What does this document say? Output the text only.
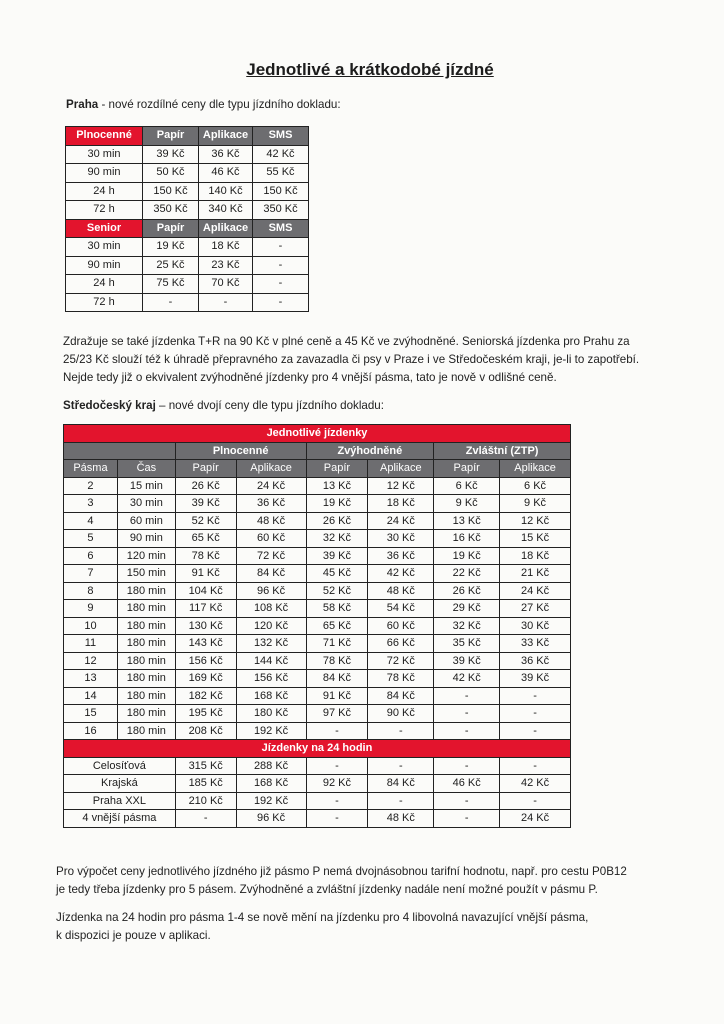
Jednotlivé a krátkodobé jízdné
Praha - nové rozdílné ceny dle typu jízdního dokladu:
Plnocenné	Papír	Aplikace	SMS
30 min	39 Kč	36 Kč	42 Kč
90 min	50 Kč	46 Kč	55 Kč
24 h	150 Kč	140 Kč	150 Kč
72 h	350 Kč	340 Kč	350 Kč
Senior	Papír	Aplikace	SMS
30 min	19 Kč	18 Kč	-
90 min	25 Kč	23 Kč	-
24 h	75 Kč	70 Kč	-
72 h	-	-	-
Zdražuje se také jízdenka T+R na 90 Kč v plné ceně a 45 Kč ve zvýhodněné. Seniorská jízdenka pro Prahu za
25/23 Kč slouží též k úhradě přepravného za zavazadla či psy v Praze i ve Středočeském kraji, je-li to zapotřebí.
Nejde tedy již o ekvivalent zvýhodněné jízdenky pro 4 vnější pásma, tato je nově v odlišné ceně.
Středočeský kraj – nové dvojí ceny dle typu jízdního dokladu:
Jednotlivé jízdenky							
		Plnocenné		Zvýhodněné		Zvláštní (ZTP)	
Pásma	Čas	Papír	Aplikace	Papír	Aplikace	Papír	Aplikace
2	15 min	26 Kč	24 Kč	13 Kč	12 Kč	6 Kč	6 Kč
3	30 min	39 Kč	36 Kč	19 Kč	18 Kč	9 Kč	9 Kč
4	60 min	52 Kč	48 Kč	26 Kč	24 Kč	13 Kč	12 Kč
5	90 min	65 Kč	60 Kč	32 Kč	30 Kč	16 Kč	15 Kč
6	120 min	78 Kč	72 Kč	39 Kč	36 Kč	19 Kč	18 Kč
7	150 min	91 Kč	84 Kč	45 Kč	42 Kč	22 Kč	21 Kč
8	180 min	104 Kč	96 Kč	52 Kč	48 Kč	26 Kč	24 Kč
9	180 min	117 Kč	108 Kč	58 Kč	54 Kč	29 Kč	27 Kč
10	180 min	130 Kč	120 Kč	65 Kč	60 Kč	32 Kč	30 Kč
11	180 min	143 Kč	132 Kč	71 Kč	66 Kč	35 Kč	33 Kč
12	180 min	156 Kč	144 Kč	78 Kč	72 Kč	39 Kč	36 Kč
13	180 min	169 Kč	156 Kč	84 Kč	78 Kč	42 Kč	39 Kč
14	180 min	182 Kč	168 Kč	91 Kč	84 Kč	-	-
15	180 min	195 Kč	180 Kč	97 Kč	90 Kč	-	-
16	180 min	208 Kč	192 Kč	-	-	-	-
Jízdenky na 24 hodin							
Celosíťová		315 Kč	288 Kč	-	-	-	-
Krajská		185 Kč	168 Kč	92 Kč	84 Kč	46 Kč	42 Kč
Praha XXL		210 Kč	192 Kč	-	-	-	-
4 vnější pásma		-	96 Kč	-	48 Kč	-	24 Kč
Pro výpočet ceny jednotlivého jízdného již pásmo P nemá dvojnásobnou tarifní hodnotu, např. pro cestu P0B12
je tedy třeba jízdenky pro 5 pásem. Zvýhodněné a zvláštní jízdenky nadále není možné použít v pásmu P.
Jízdenka na 24 hodin pro pásma 1-4 se nově mění na jízdenku pro 4 libovolná navazující vnější pásma,
k dispozici je pouze v aplikaci.
